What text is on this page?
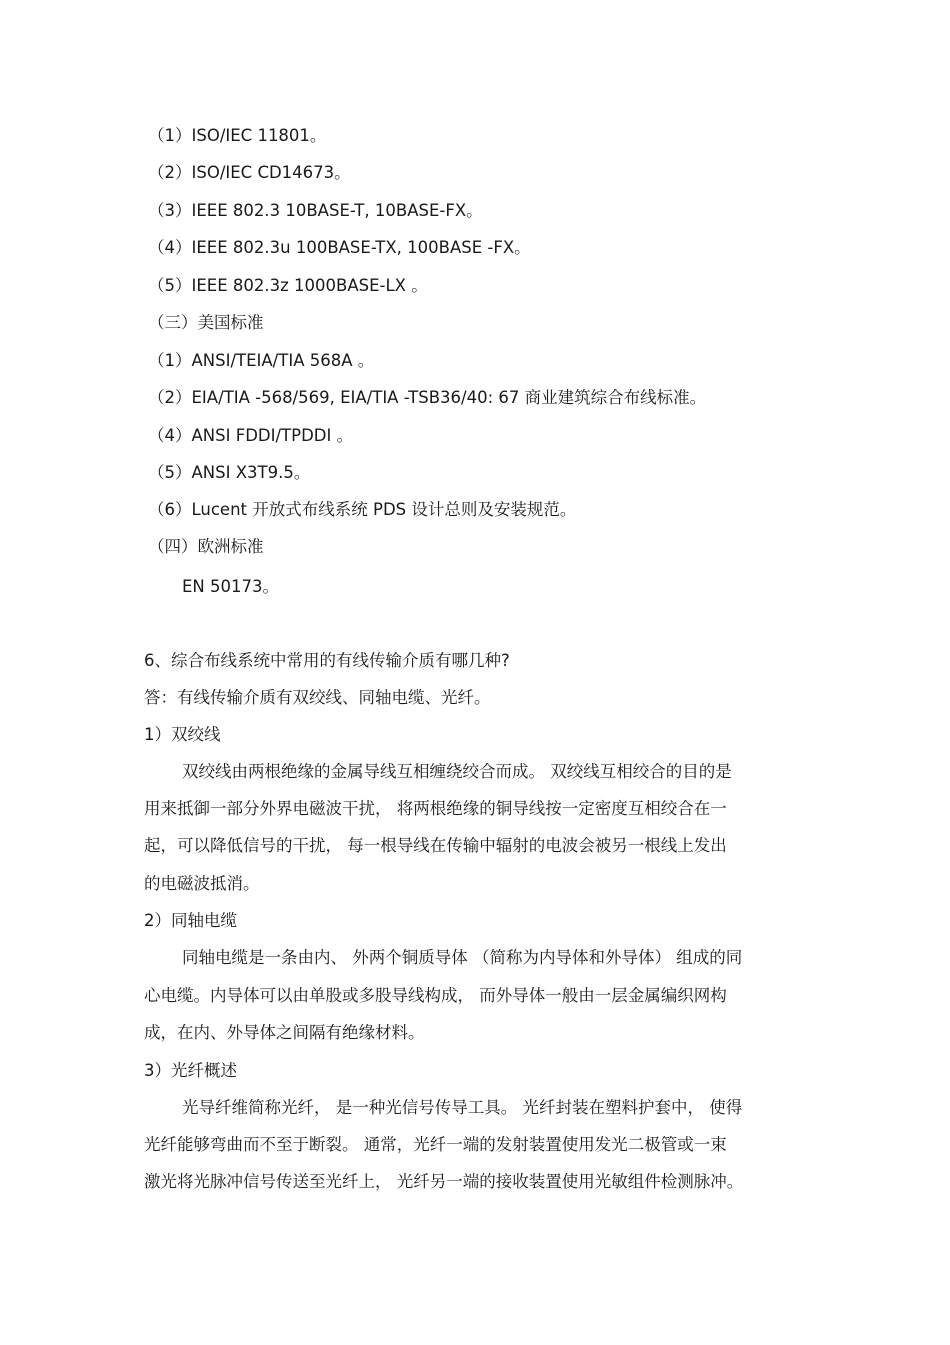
（1）ISO/IEC 11801。
（2）ISO/IEC CD14673。
（3）IEEE 802.3 10BASE-T, 10BASE-FX。
（4）IEEE 802.3u 100BASE-TX, 100BASE -FX。
（5）IEEE 802.3z 1000BASE-LX 。
（三）美国标准
（1）ANSI/TEIA/TIA 568A 。
（2）EIA/TIA -568/569, EIA/TIA -TSB36/40: 67 商业建筑综合布线标准。
（4）ANSI FDDI/TPDDI 。
（5）ANSI X3T9.5。
（6）Lucent 开放式布线系统 PDS 设计总则及安装规范。
（四）欧洲标准
EN 50173。
6、综合布线系统中常用的有线传输介质有哪几种?
答：有线传输介质有双绞线、同轴电缆、光纤。
1）双绞线
双绞线由两根绝缘的金属导线互相缠绕绞合而成。 双绞线互相绞合的目的是
用来抵御一部分外界电磁波干扰， 将两根绝缘的铜导线按一定密度互相绞合在一
起，可以降低信号的干扰， 每一根导线在传输中辐射的电波会被另一根线上发出
的电磁波抵消。
2）同轴电缆
同轴电缆是一条由内、 外两个铜质导体 （简称为内导体和外导体） 组成的同
心电缆。内导体可以由单股或多股导线构成， 而外导体一般由一层金属编织网构
成，在内、外导体之间隔有绝缘材料。
3）光纤概述
光导纤维简称光纤， 是一种光信号传导工具。 光纤封装在塑料护套中， 使得
光纤能够弯曲而不至于断裂。 通常，光纤一端的发射装置使用发光二极管或一束
激光将光脉冲信号传送至光纤上， 光纤另一端的接收装置使用光敏组件检测脉冲。
